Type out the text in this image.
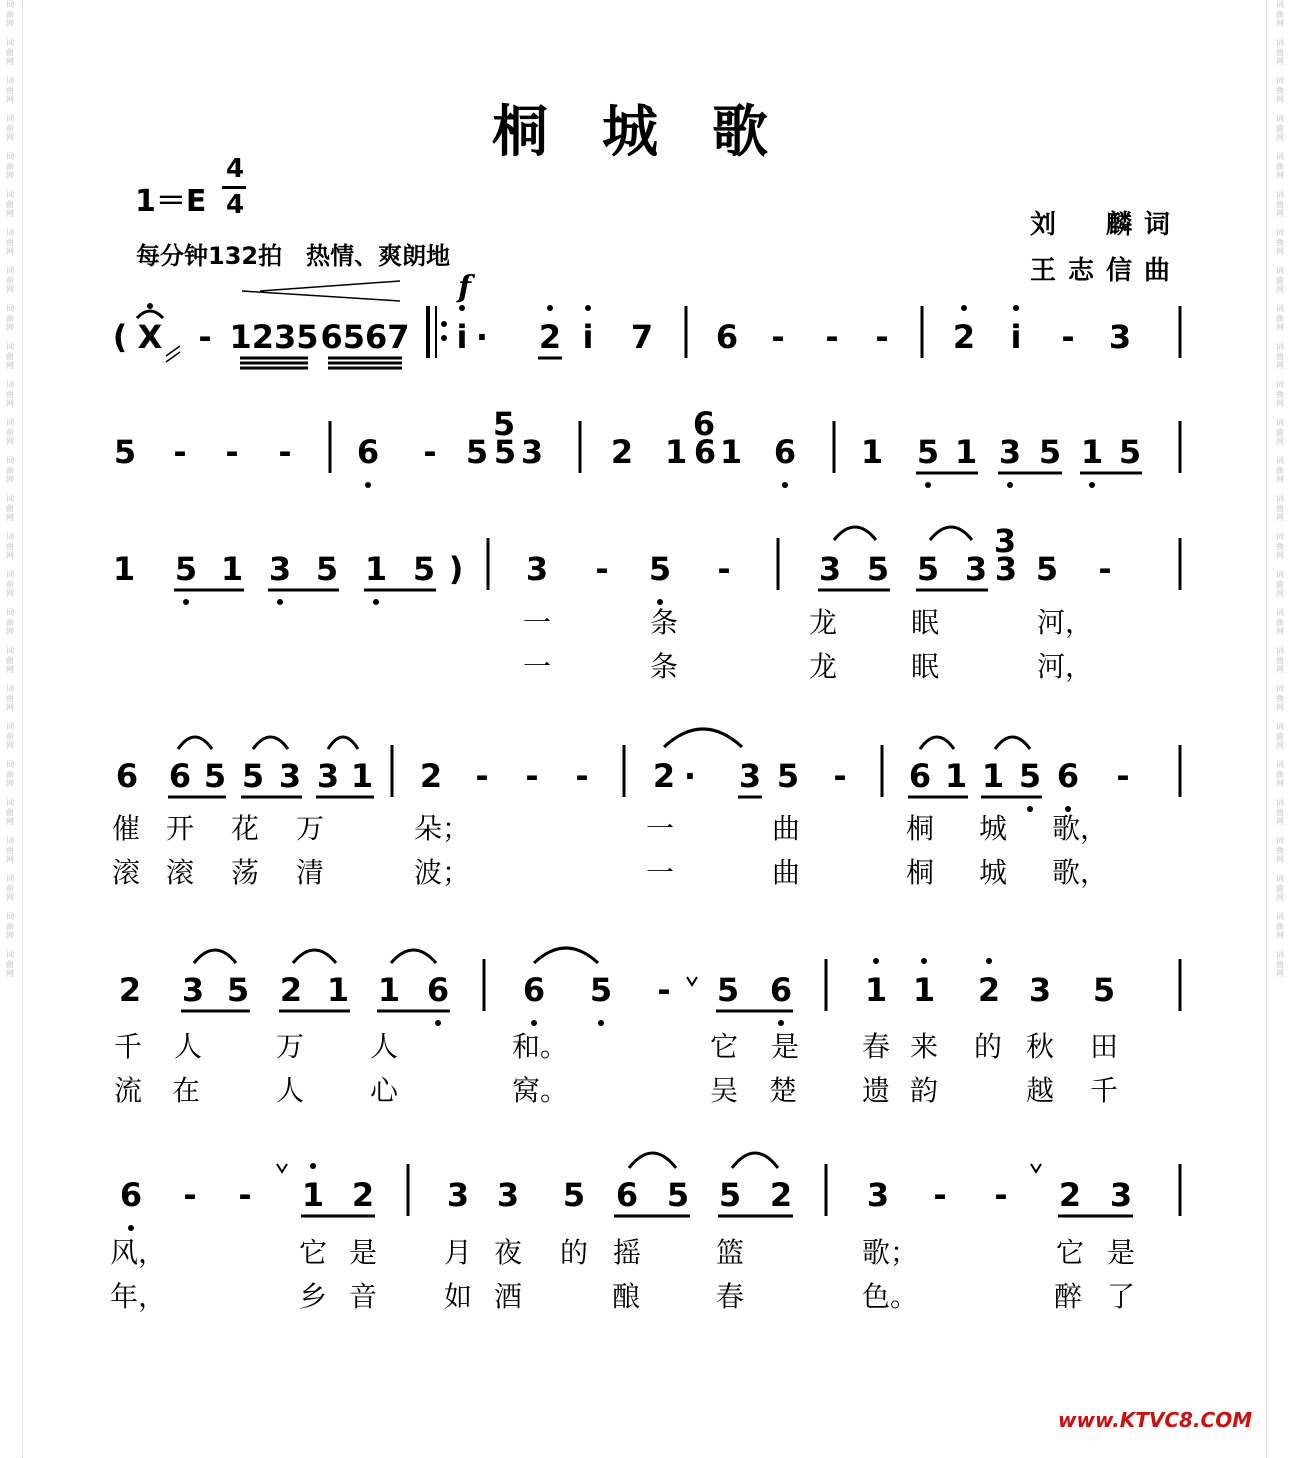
词
曲
网

词
曲
网

词
曲
网

词
曲
网

词
曲
网

词
曲
网

词
曲
网

词
曲
网

词
曲
网

词
曲
网

词
曲
网

词
曲
网

词
曲
网

词
曲
网

词
曲
网

词
曲
网

词
曲
网

词
曲
网

词
曲
网

词
曲
网

词
曲
网

词
曲
网

词
曲
网

词
曲
网

词
曲
网

词
曲
网

词
曲
网

词
曲
网

词
曲
网

词
曲
网

词
曲
网

词
曲
网

词
曲
网

词
曲
网

词
曲
网

词
曲
网

词
曲
网

词
曲
网

词
曲
网

词
曲
网

词
曲
网

词
曲
网

词
曲
网

词
曲
网

词
曲
网

词
曲
网

词
曲
网

词
曲
网

词
曲
网

词
曲
网

词
曲
网

词
曲
网

桐城歌
1＝E
4
4
每分钟132拍　热情、爽朗地
刘　麟词
王志信曲
f
( X - 1235 6567 i · 2 i 7 6 - - - 2 i - 3
5 - - - 6 - 5 5 3 2 1 6 1 6 1 5 1 3 5 1 5
1 5 1 3 5 1 5 ) 3 - 5 -	3 5 5 3 3 5 -
6 6 5 5 3 3 1 2 - - - 2 · 3 5 - 6 1 1 5 6 -
2 3 5 2 1 1 6 6 5 - 5 6 1 1 2 3 5
6 - - 1 2 3 3 5 6 5 5 2 3 - - 2 3
5	6
3
一	条	龙	眠	河，
一	条	龙	眠	河，
催 开 花 万	朵；	一	曲	桐 城 歌，
滚 滚 荡 清	波；	一	曲	桐 城 歌，
千 人	万 人	和。	它 是 春 来 的 秋 田
流 在	人 心	窝。	吴 楚 遗 韵	越 千
风，	它 是 月 夜 的 摇	篮	歌；	它 是
年，	乡 音 如 酒	酿	春	色。	醉 了
www.KTVC8.COM
